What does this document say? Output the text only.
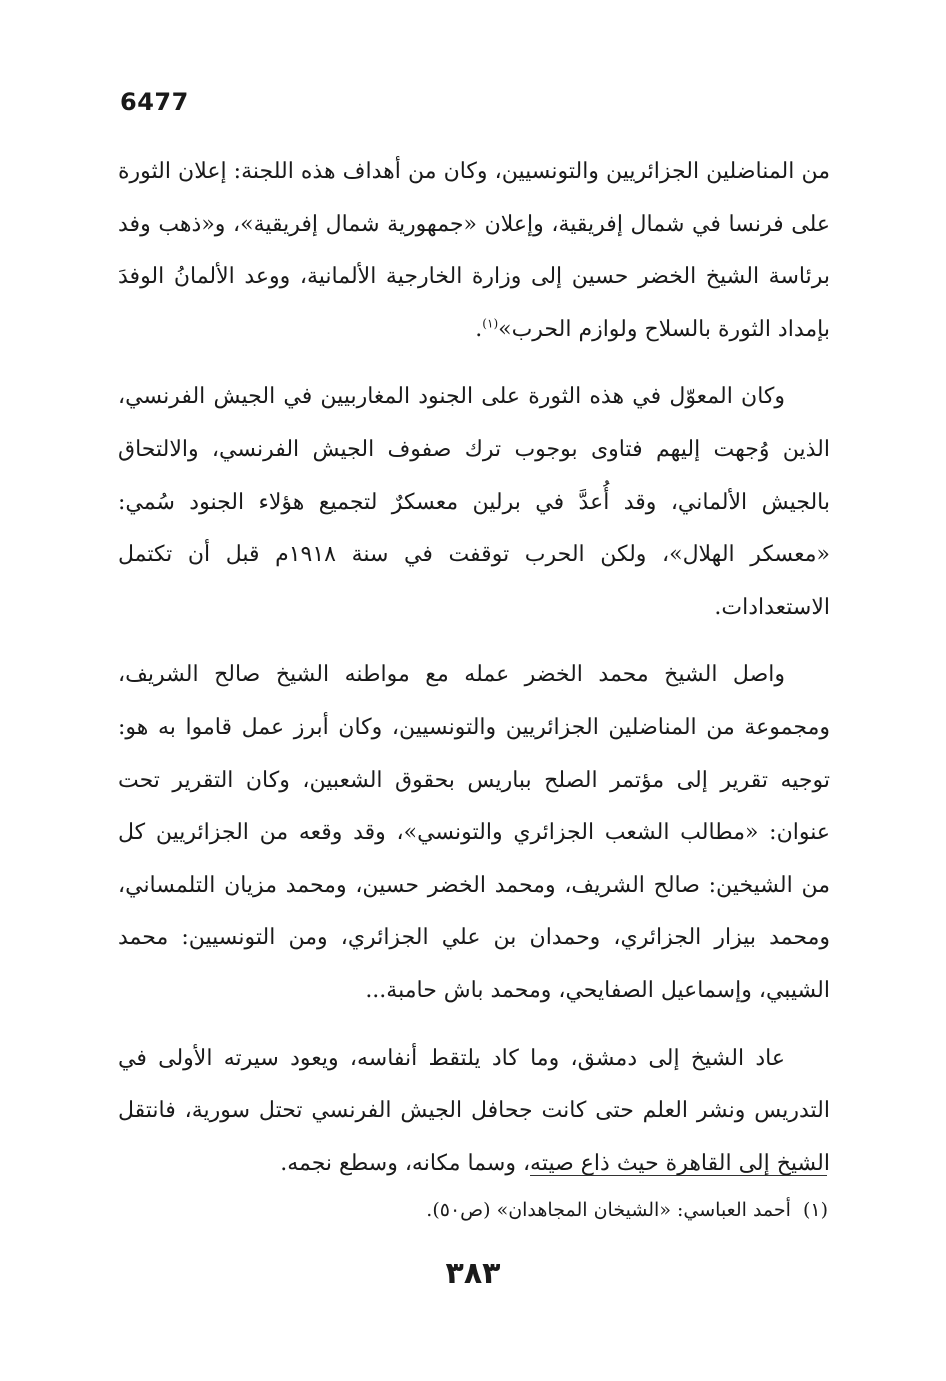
6477

من المناضلين الجزائريين والتونسيين، وكان من أهداف هذه اللجنة: إعلان الثورة على فرنسا في شمال إفريقية، وإعلان «جمهورية شمال إفريقية»، و«ذهب وفد برئاسة الشيخ الخضر حسين إلى وزارة الخارجية الألمانية، ووعد الألمانُ الوفدَ بإمداد الثورة بالسلاح ولوازم الحرب»$^{(١)}$.

وكان المعوّل في هذه الثورة على الجنود المغاربيين في الجيش الفرنسي، الذين وُجهت إليهم فتاوى بوجوب ترك صفوف الجيش الفرنسي، والالتحاق بالجيش الألماني، وقد أُعدَّ في برلين معسكرٌ لتجميع هؤلاء الجنود سُمي: «معسكر الهلال»، ولكن الحرب توقفت في سنة ١٩١٨م قبل أن تكتمل الاستعدادات.

واصل الشيخ محمد الخضر عمله مع مواطنه الشيخ صالح الشريف، ومجموعة من المناضلين الجزائريين والتونسيين، وكان أبرز عمل قاموا به هو: توجيه تقرير إلى مؤتمر الصلح بباريس بحقوق الشعبين، وكان التقرير تحت عنوان: «مطالب الشعب الجزائري والتونسي»، وقد وقعه من الجزائريين كل من الشيخين: صالح الشريف، ومحمد الخضر حسين، ومحمد مزيان التلمساني، ومحمد بيزار الجزائري، وحمدان بن علي الجزائري، ومن التونسيين: محمد الشيبي، وإسماعيل الصفايحي، ومحمد باش حامبة...

عاد الشيخ إلى دمشق، وما كاد يلتقط أنفاسه، ويعود سيرته الأولى في التدريس ونشر العلم حتى كانت جحافل الجيش الفرنسي تحتل سورية، فانتقل الشيخ إلى القاهرة حيث ذاع صيته، وسما مكانه، وسطع نجمه.

(١)أحمد العباسي: «الشيخان المجاهدان» (ص٥٠).
٣٨٣
